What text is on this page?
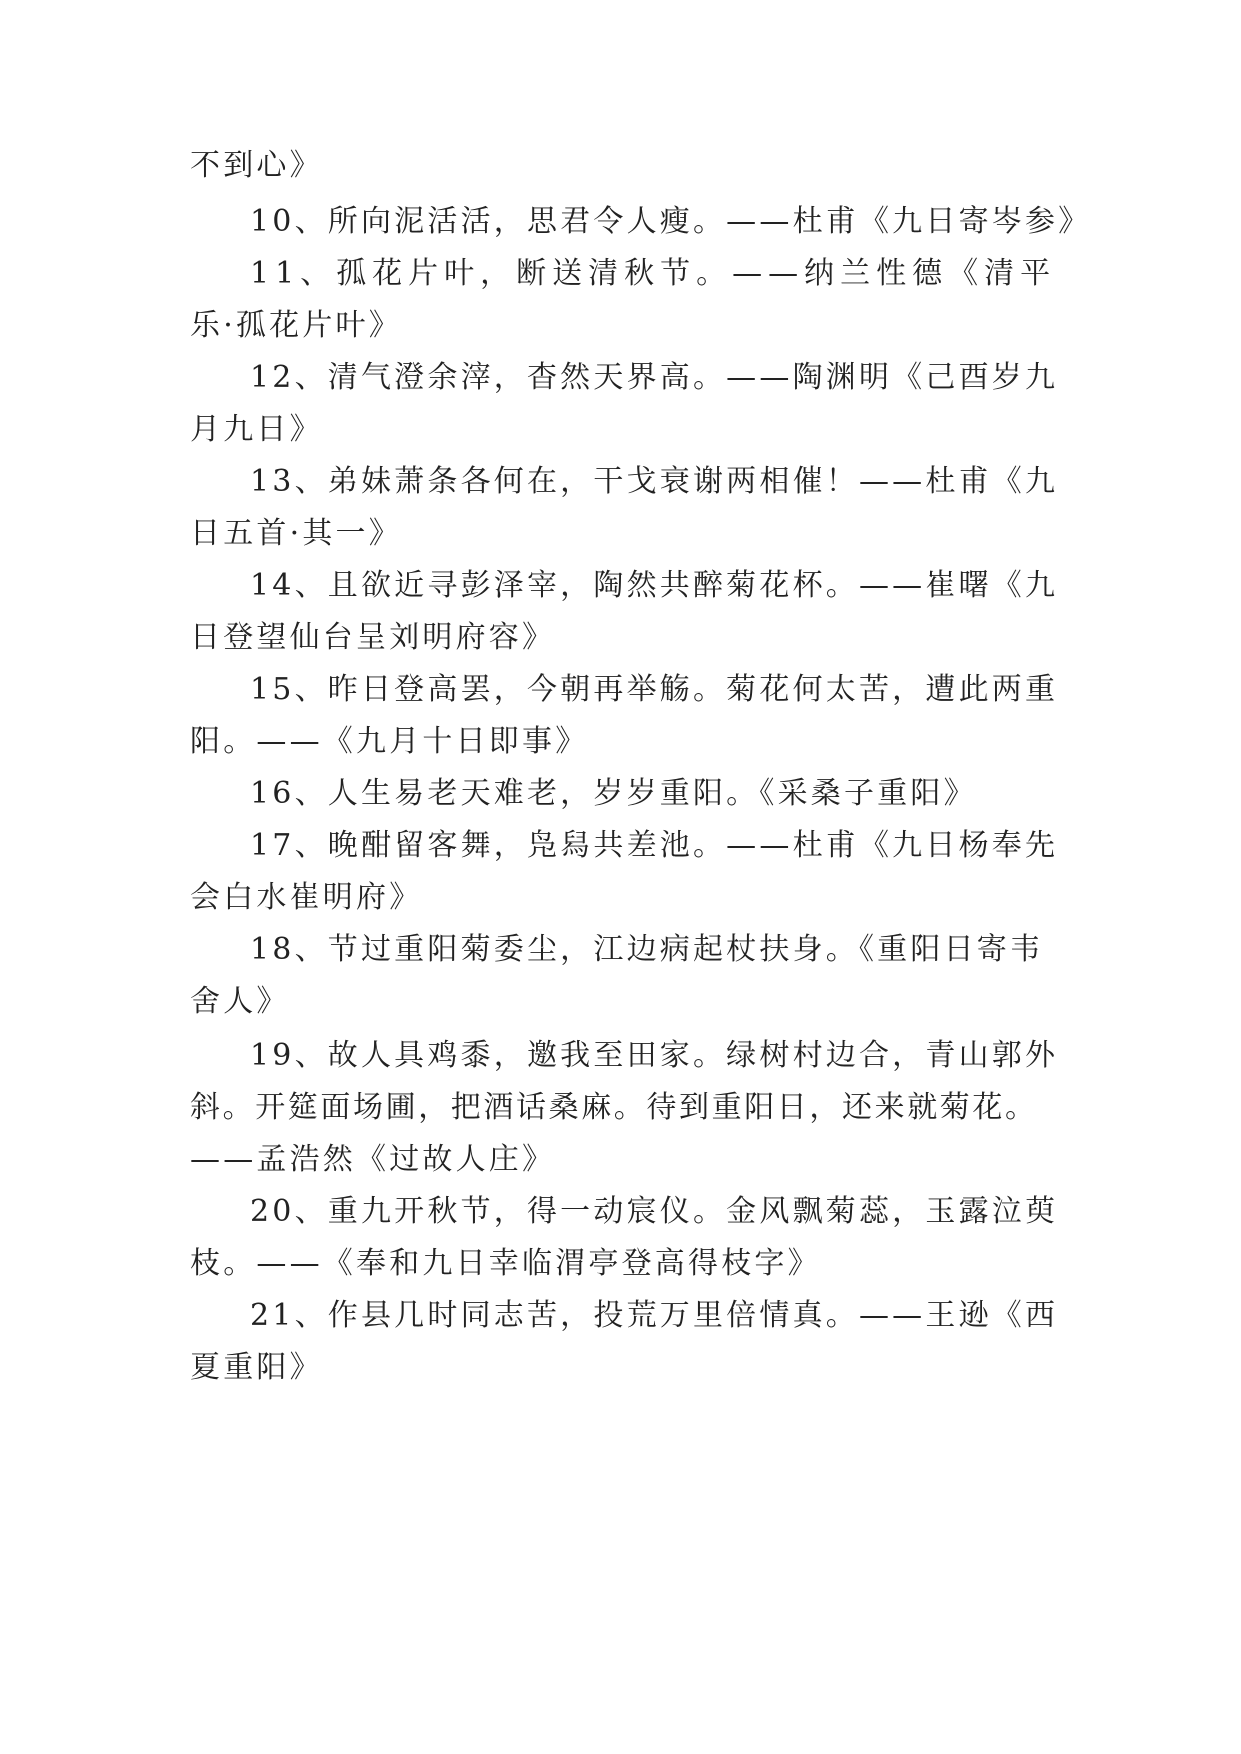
不到心》
10、所向泥活活，思君令人瘦。——杜甫《九日寄岑参》
11、孤花片叶，断送清秋节。——纳兰性德《清平
乐·孤花片叶》
12、清气澄余滓，杳然天界高。——陶渊明《己酉岁九
月九日》
13、弟妹萧条各何在，干戈衰谢两相催！——杜甫《九
日五首·其一》
14、且欲近寻彭泽宰，陶然共醉菊花杯。——崔曙《九
日登望仙台呈刘明府容》
15、昨日登高罢，今朝再举觞。菊花何太苦，遭此两重
阳。——《九月十日即事》
16、人生易老天难老，岁岁重阳。《采桑子重阳》
17、晚酣留客舞，凫舄共差池。——杜甫《九日杨奉先
会白水崔明府》
18、节过重阳菊委尘，江边病起杖扶身。《重阳日寄韦
舍人》
19、故人具鸡黍，邀我至田家。绿树村边合，青山郭外
斜。开筵面场圃，把酒话桑麻。待到重阳日，还来就菊花。
——孟浩然《过故人庄》
20、重九开秋节，得一动宸仪。金风飘菊蕊，玉露泣萸
枝。——《奉和九日幸临渭亭登高得枝字》
21、作县几时同志苦，投荒万里倍情真。——王逊《西
夏重阳》
